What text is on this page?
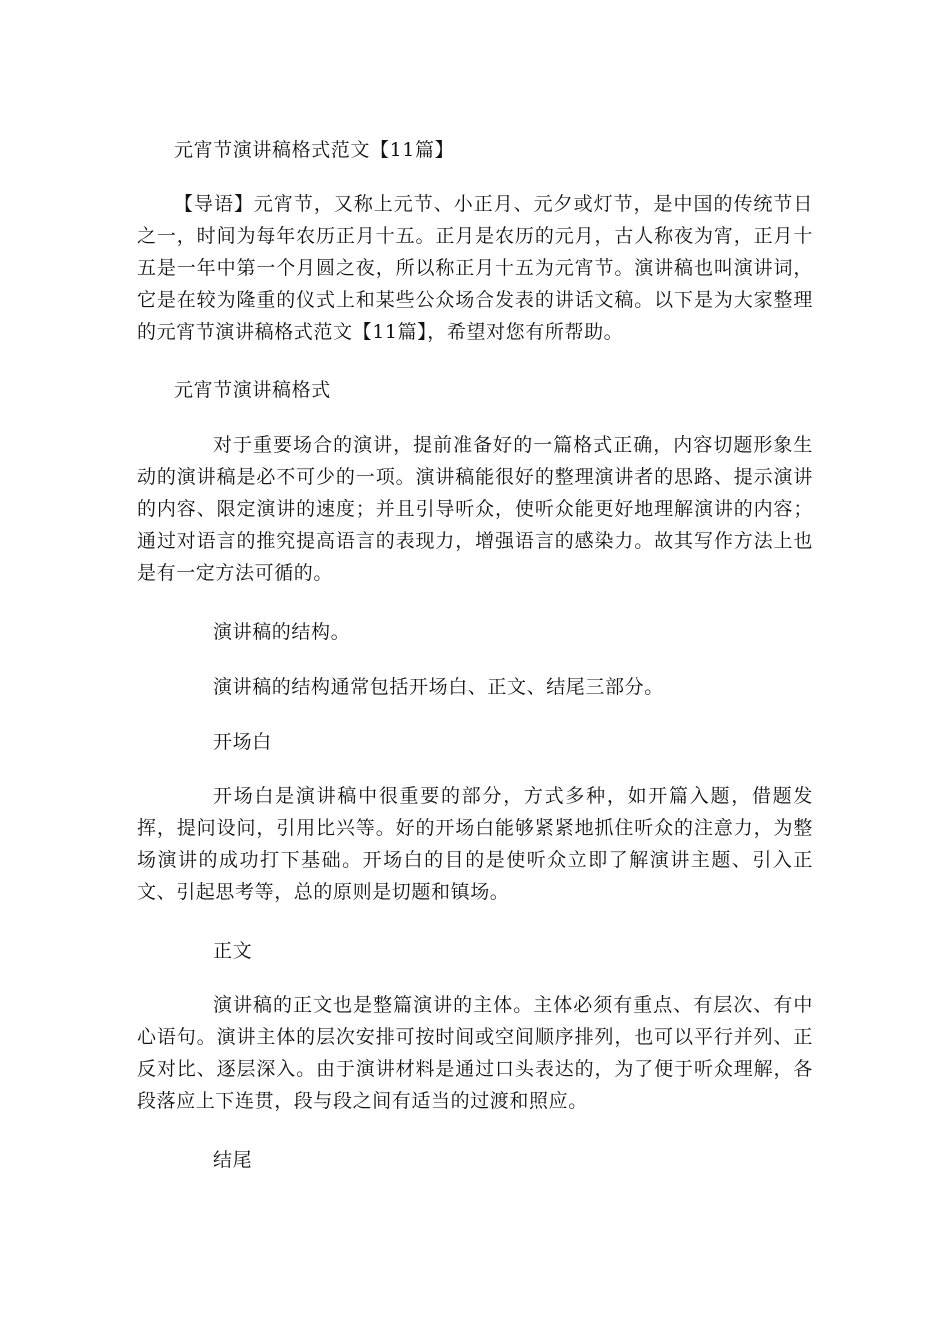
元宵节演讲稿格式范文【11篇】

【导语】元宵节，又称上元节、小正月、元夕或灯节，是中国的传统节日之一，时间为每年农历正月十五。正月是农历的元月，古人称夜为宵，正月十五是一年中第一个月圆之夜，所以称正月十五为元宵节。演讲稿也叫演讲词，它是在较为隆重的仪式上和某些公众场合发表的讲话文稿。以下是为大家整理的元宵节演讲稿格式范文【11篇】，希望对您有所帮助。

元宵节演讲稿格式

对于重要场合的演讲，提前准备好的一篇格式正确，内容切题形象生动的演讲稿是必不可少的一项。演讲稿能很好的整理演讲者的思路、提示演讲的内容、限定演讲的速度；并且引导听众，使听众能更好地理解演讲的内容；通过对语言的推究提高语言的表现力，增强语言的感染力。故其写作方法上也是有一定方法可循的。

演讲稿的结构。

演讲稿的结构通常包括开场白、正文、结尾三部分。

开场白

开场白是演讲稿中很重要的部分，方式多种，如开篇入题，借题发挥，提问设问，引用比兴等。好的开场白能够紧紧地抓住听众的注意力，为整场演讲的成功打下基础。开场白的目的是使听众立即了解演讲主题、引入正文、引起思考等，总的原则是切题和镇场。

正文

演讲稿的正文也是整篇演讲的主体。主体必须有重点、有层次、有中心语句。演讲主体的层次安排可按时间或空间顺序排列，也可以平行并列、正反对比、逐层深入。由于演讲材料是通过口头表达的，为了便于听众理解，各段落应上下连贯，段与段之间有适当的过渡和照应。

结尾
